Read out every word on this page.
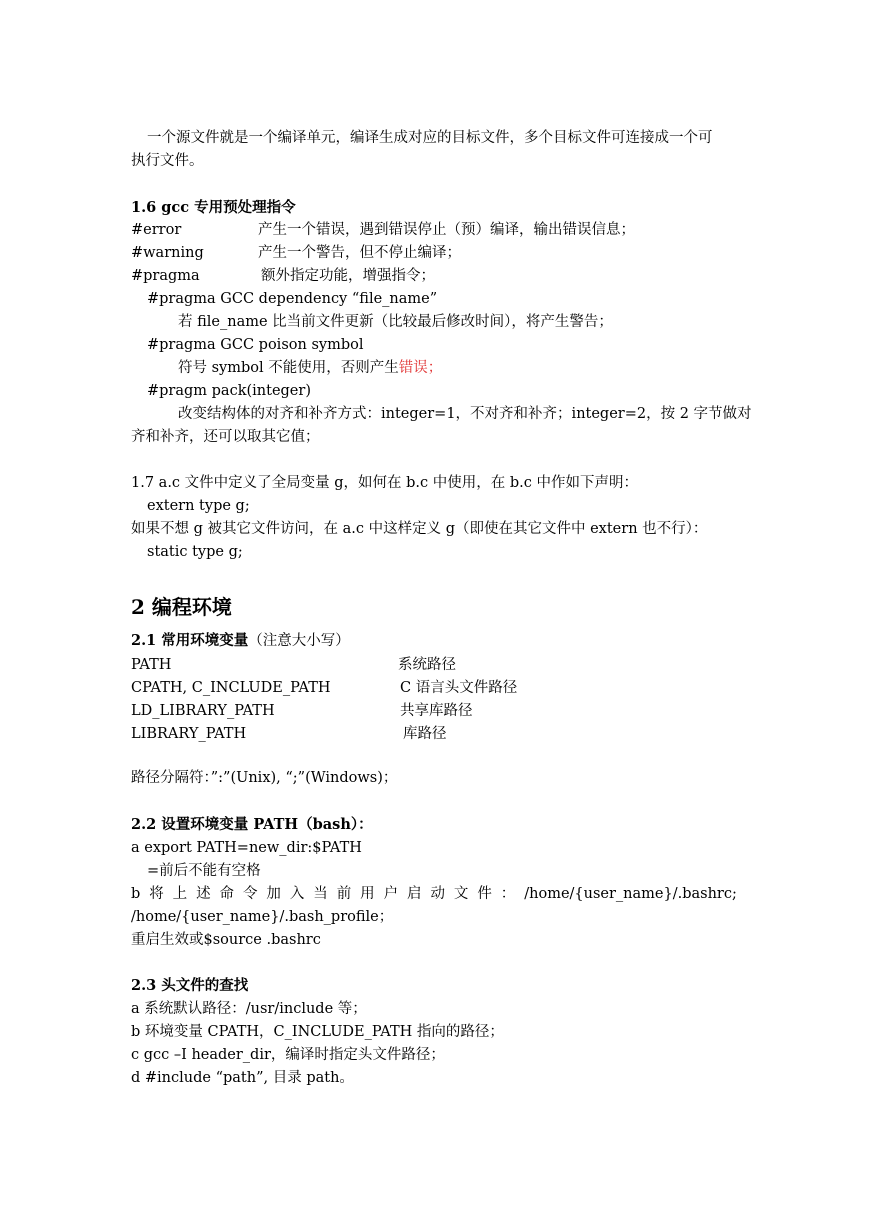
一个源文件就是一个编译单元，编译生成对应的目标文件，多个目标文件可连接成一个可
执行文件。
1.6 gcc 专用预处理指令
#error	产生一个错误，遇到错误停止（预）编译，输出错误信息；
#warning	产生一个警告，但不停止编译；
#pragma	额外指定功能，增强指令；
#pragma GCC dependency “file_name”
若 file_name 比当前文件更新（比较最后修改时间），将产生警告；
#pragma GCC poison symbol
符号 symbol 不能使用，否则产生错误；
#pragm pack(integer)
改变结构体的对齐和补齐方式：integer=1，不对齐和补齐；integer=2，按 2 字节做对
齐和补齐，还可以取其它值；
1.7 a.c 文件中定义了全局变量 g，如何在 b.c 中使用，在 b.c 中作如下声明：
extern type g;
如果不想 g 被其它文件访问，在 a.c 中这样定义 g（即使在其它文件中 extern 也不行）：
static type g;
2 编程环境
2.1 常用环境变量（注意大小写）
PATH	系统路径
CPATH, C_INCLUDE_PATH	C 语言头文件路径
LD_LIBRARY_PATH	共享库路径
LIBRARY_PATH	库路径
路径分隔符：”:”(Unix), “;”(Windows)；
2.2 设置环境变量 PATH（bash）：
a export PATH=new_dir:$PATH
=前后不能有空格
b 将 上 述 命 令 加 入 当 前 用 户 启 动 文 件 ： /home/{user_name}/.bashrc;
/home/{user_name}/.bash_profile；
重启生效或$source .bashrc
2.3 头文件的查找
a 系统默认路径：/usr/include 等；
b 环境变量 CPATH，C_INCLUDE_PATH 指向的路径；
c gcc –I header_dir，编译时指定头文件路径；
d #include “path”, 目录 path。
